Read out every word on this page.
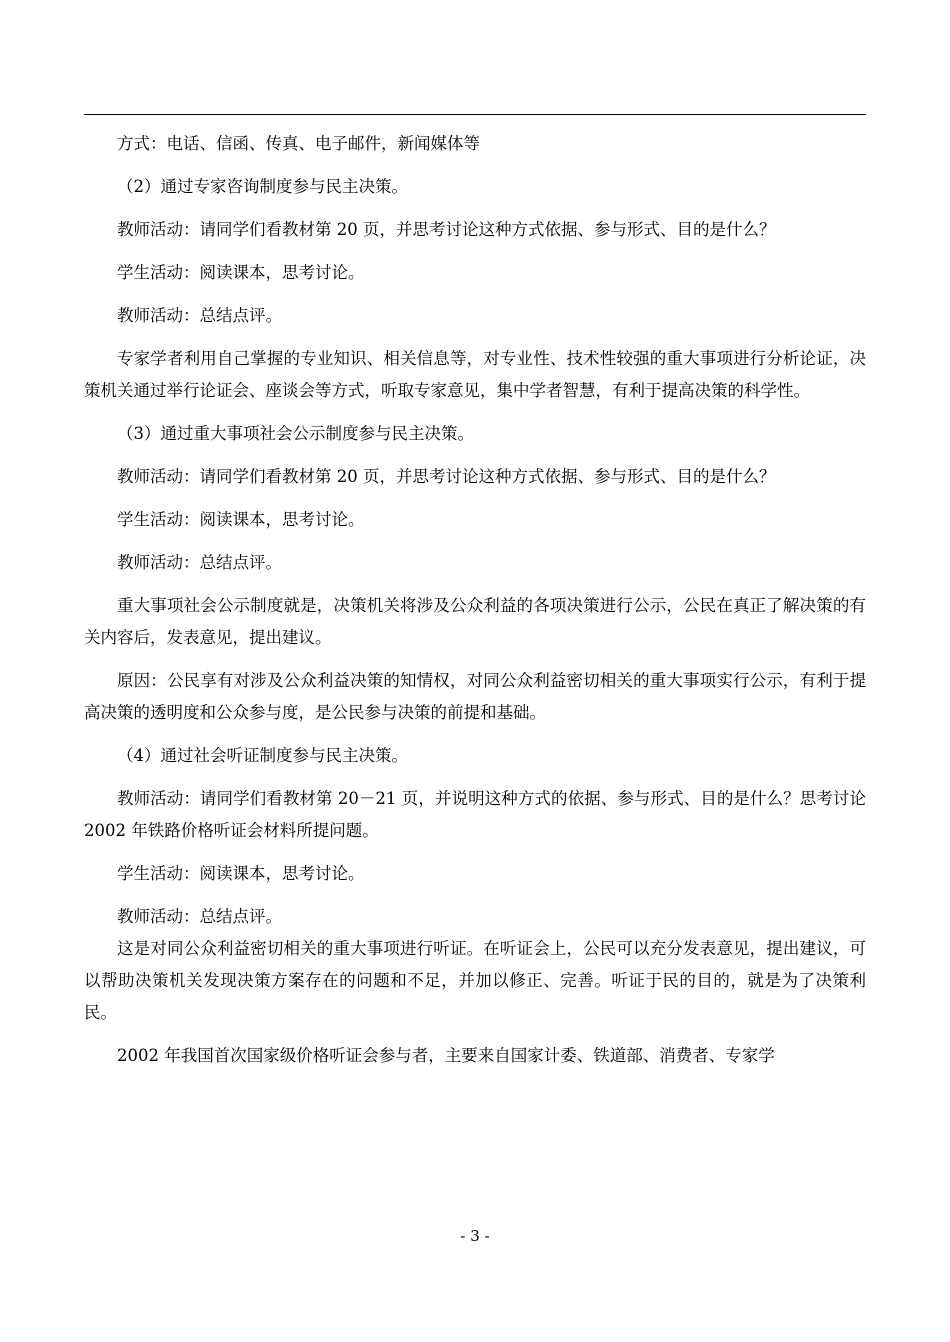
方式：电话、信函、传真、电子邮件，新闻媒体等

（2）通过专家咨询制度参与民主决策。

教师活动：请同学们看教材第 20 页，并思考讨论这种方式依据、参与形式、目的是什么？

学生活动：阅读课本，思考讨论。

教师活动：总结点评。

专家学者利用自己掌握的专业知识、相关信息等，对专业性、技术性较强的重大事项进行分析论证，决策机关通过举行论证会、座谈会等方式，听取专家意见，集中学者智慧，有利于提高决策的科学性。

（3）通过重大事项社会公示制度参与民主决策。

教师活动：请同学们看教材第 20 页，并思考讨论这种方式依据、参与形式、目的是什么？

学生活动：阅读课本，思考讨论。

教师活动：总结点评。

重大事项社会公示制度就是，决策机关将涉及公众利益的各项决策进行公示，公民在真正了解决策的有关内容后，发表意见，提出建议。

原因：公民享有对涉及公众利益决策的知情权，对同公众利益密切相关的重大事项实行公示，有利于提高决策的透明度和公众参与度，是公民参与决策的前提和基础。

（4）通过社会听证制度参与民主决策。

教师活动：请同学们看教材第 20－21 页，并说明这种方式的依据、参与形式、目的是什么？思考讨论 2002 年铁路价格听证会材料所提问题。

学生活动：阅读课本，思考讨论。

教师活动：总结点评。

这是对同公众利益密切相关的重大事项进行听证。在听证会上，公民可以充分发表意见，提出建议，可以帮助决策机关发现决策方案存在的问题和不足，并加以修正、完善。听证于民的目的，就是为了决策利民。

2002 年我国首次国家级价格听证会参与者，主要来自国家计委、铁道部、消费者、专家学

- 3 -
